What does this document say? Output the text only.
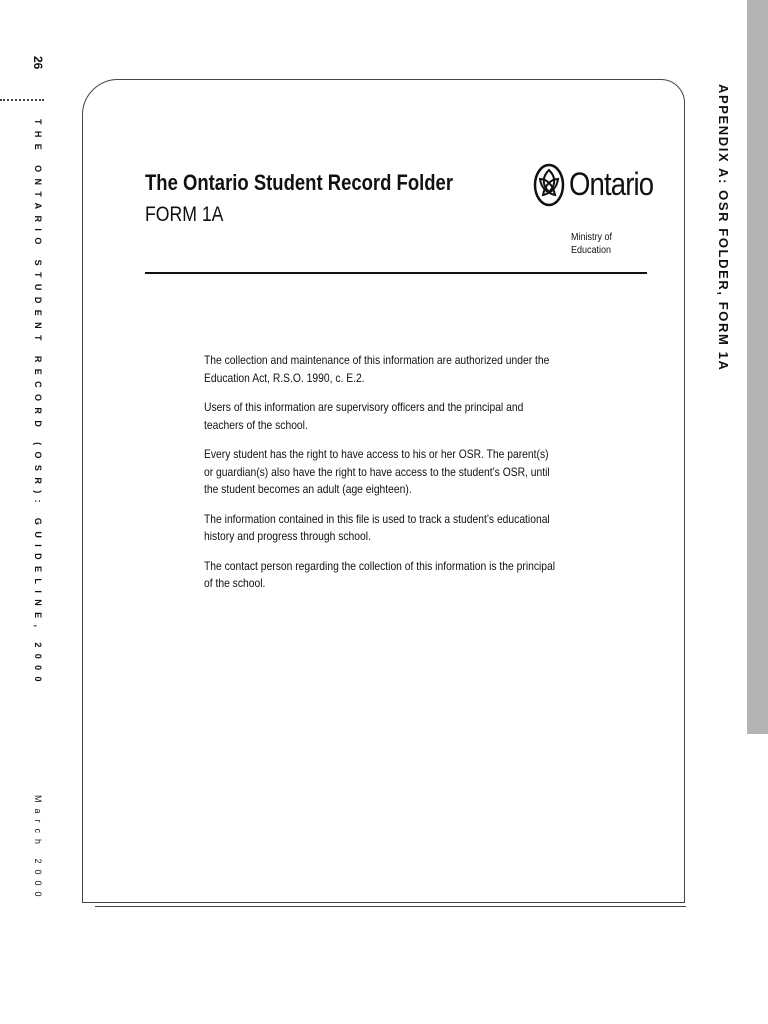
APPENDIX A: OSR FOLDER, FORM 1A
26
THE ONTARIO STUDENT RECORD (OSR): GUIDELINE, 2000
March 2000
The Ontario Student Record Folder
FORM 1A
Ontario
Ministry of
Education

The collection and maintenance of this information are authorized under the Education Act, R.S.O. 1990, c. E.2.

Users of this information are supervisory officers and the principal and teachers of the school.

Every student has the right to have access to his or her OSR. The parent(s) or guardian(s) also have the right to have access to the student’s OSR, until the student becomes an adult (age eighteen).

The information contained in this file is used to track a student’s educational history and progress through school.

The contact person regarding the collection of this information is the principal of the school.
